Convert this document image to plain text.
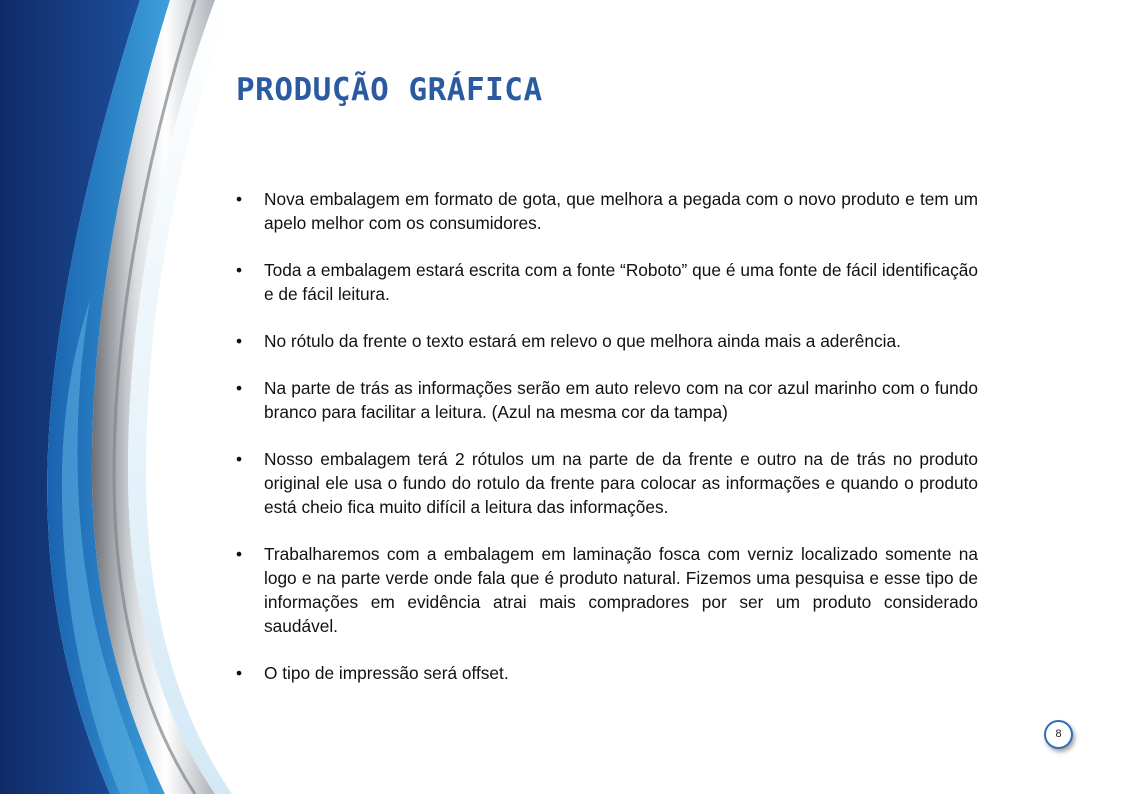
PRODUÇÃO GRÁFICA
• Nova embalagem em formato de gota, que melhora a pegada com o novo produto e tem um apelo melhor com os consumidores.
• Toda a embalagem estará escrita com a fonte “Roboto” que é uma fonte de fácil identificação e de fácil leitura.
• No rótulo da frente o texto estará em relevo o que melhora ainda mais a aderência.
• Na parte de trás as informações serão em auto relevo com na cor azul marinho com o fundo branco para facilitar a leitura. (Azul na mesma cor da tampa)
• Nosso embalagem terá 2 rótulos um na parte de da frente e outro na de trás no produto original ele usa o fundo do rotulo da frente para colocar as informações e quando o produto está cheio fica muito difícil a leitura das informações.
• Trabalharemos com a embalagem em laminação fosca com verniz localizado somente na logo e na parte verde onde fala que é produto natural. Fizemos uma pesquisa e esse tipo de informações em evidência atrai mais compradores por ser um produto considerado saudável.
• O tipo de impressão será offset.
8
